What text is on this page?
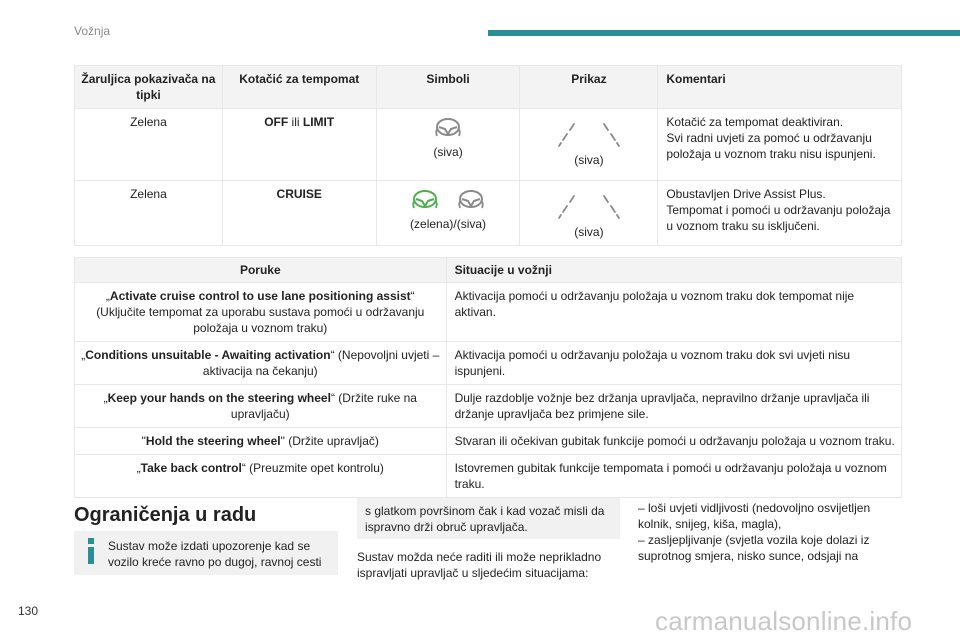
Vožnja
Žaruljica pokazivača na tipki	Kotačić za tempomat	Simboli	Prikaz	Komentari
Zelena	OFF ili LIMIT	(siva)	(siva)	Kotačić za tempomat deaktiviran.
Svi radni uvjeti za pomoć u održavanju položaja u voznom traku nisu ispunjeni.

Zelena	CRUISE	(zelena)/(siva)	(siva)	Obustavljen Drive Assist Plus.
Tempomat i pomoći u održavanju položaja u voznom traku su isključeni.
Poruke	Situacije u vožnji
„Activate cruise control to use lane positioning assist“ (Uključite tempomat za uporabu sustava pomoći u održavanju položaja u voznom traku)	Aktivacija pomoći u održavanju položaja u voznom traku dok tempomat nije aktivan.
„Conditions unsuitable - Awaiting activation“ (Nepovoljni uvjeti – aktivacija na čekanju)	Aktivacija pomoći u održavanju položaja u voznom traku dok svi uvjeti nisu ispunjeni.
„Keep your hands on the steering wheel“ (Držite ruke na upravljaču)	Dulje razdoblje vožnje bez držanja upravljača, nepravilno držanje upravljača ili držanje upravljača bez primjene sile.
"Hold the steering wheel" (Držite upravljač)	Stvaran ili očekivan gubitak funkcije pomoći u održavanju položaja u voznom traku.
„Take back control“ (Preuzmite opet kontrolu)	Istovremen gubitak funkcije tempomata i pomoći u održavanju položaja u voznom traku.
Ograničenja u radu
Sustav može izdati upozorenje kad se vozilo kreće ravno po dugoj, ravnoj cesti
s glatkom površinom čak i kad vozač misli da ispravno drži obruč upravljača.
Sustav možda neće raditi ili može neprikladno ispravljati upravljač u sljedećim situacijama:

– loši uvjeti vidljivosti (nedovoljno osvijetljen kolnik, snijeg, kiša, magla),

– zasljepljivanje (svjetla vozila koje dolazi iz suprotnog smjera, nisko sunce, odsjaji na

130	carmanualsonline.info
